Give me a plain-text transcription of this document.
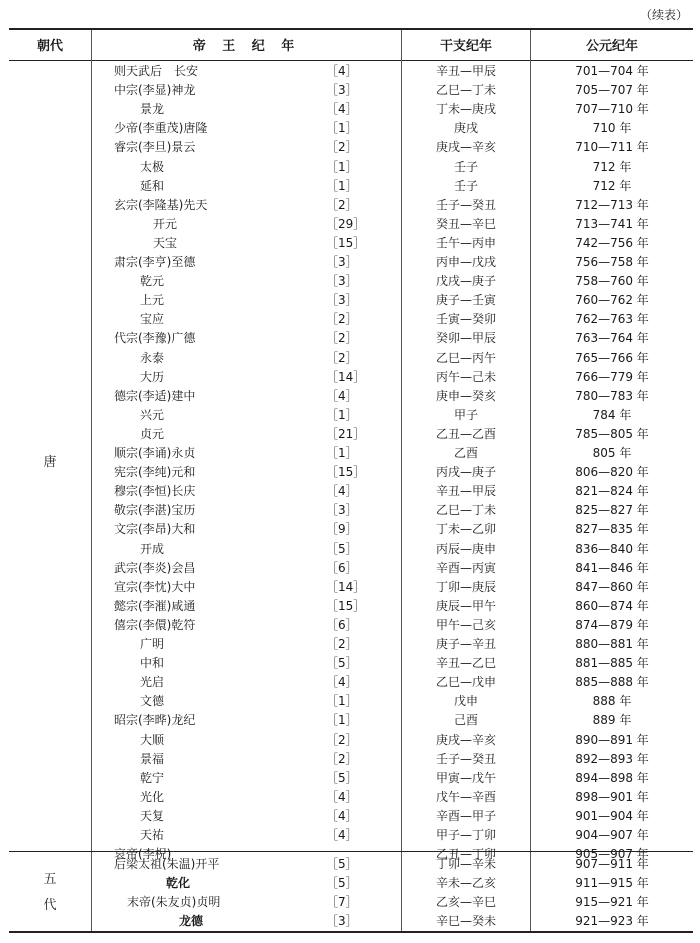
（续表）
朝代	帝 王 纪 年	干支纪年	公元纪年
则天武后　长安	［4］	辛丑—甲辰	701—704 年
中宗(李显)神龙	［3］	乙巳—丁未	705—707 年
景龙	［4］	丁未—庚戌	707—710 年
少帝(李重茂)唐隆	［1］	庚戌	710 年
睿宗(李旦)景云	［2］	庚戌—辛亥	710—711 年
太极	［1］	壬子	712 年
延和	［1］	壬子	712 年
玄宗(李隆基)先天	［2］	壬子—癸丑	712—713 年
开元	［29］	癸丑—辛巳	713—741 年
天宝	［15］	壬午—丙申	742—756 年
肃宗(李亨)至德	［3］	丙申—戊戌	756—758 年
乾元	［3］	戊戌—庚子	758—760 年
上元	［3］	庚子—壬寅	760—762 年
宝应	［2］	壬寅—癸卯	762—763 年
代宗(李豫)广德	［2］	癸卯—甲辰	763—764 年
永泰	［2］	乙巳—丙午	765—766 年
大历	［14］	丙午—己未	766—779 年
德宗(李适)建中	［4］	庚申—癸亥	780—783 年
兴元	［1］	甲子	784 年
贞元	［21］	乙丑—乙酉	785—805 年
顺宗(李诵)永贞	［1］	乙酉	805 年
宪宗(李纯)元和	［15］	丙戌—庚子	806—820 年
穆宗(李恒)长庆	［4］	辛丑—甲辰	821—824 年
敬宗(李湛)宝历	［3］	乙巳—丁未	825—827 年
文宗(李昂)大和	［9］	丁未—乙卯	827—835 年
开成	［5］	丙辰—庚申	836—840 年
武宗(李炎)会昌	［6］	辛酉—丙寅	841—846 年
宣宗(李忱)大中	［14］	丁卯—庚辰	847—860 年
懿宗(李漼)咸通	［15］	庚辰—甲午	860—874 年
僖宗(李儇)乾符	［6］	甲午—己亥	874—879 年
广明	［2］	庚子—辛丑	880—881 年
中和	［5］	辛丑—乙巳	881—885 年
光启	［4］	乙巳—戊申	885—888 年
文德	［1］	戊申	888 年
昭宗(李晔)龙纪	［1］	己酉	889 年
大顺	［2］	庚戌—辛亥	890—891 年
景福	［2］	壬子—癸丑	892—893 年
乾宁	［5］	甲寅—戊午	894—898 年
光化	［4］	戊午—辛酉	898—901 年
天复	［4］	辛酉—甲子	901—904 年
天祐	［4］	甲子—丁卯	904—907 年
哀帝(李柷)	乙丑—丁卯	905—907 年
唐
后梁太祖(朱温)开平	［5］	丁卯—辛未	907—911 年
乾化	［5］	辛未—乙亥	911—915 年
末帝(朱友贞)贞明	［7］	乙亥—辛巳	915—921 年
龙德	［3］	辛巳—癸未	921—923 年
五
代
